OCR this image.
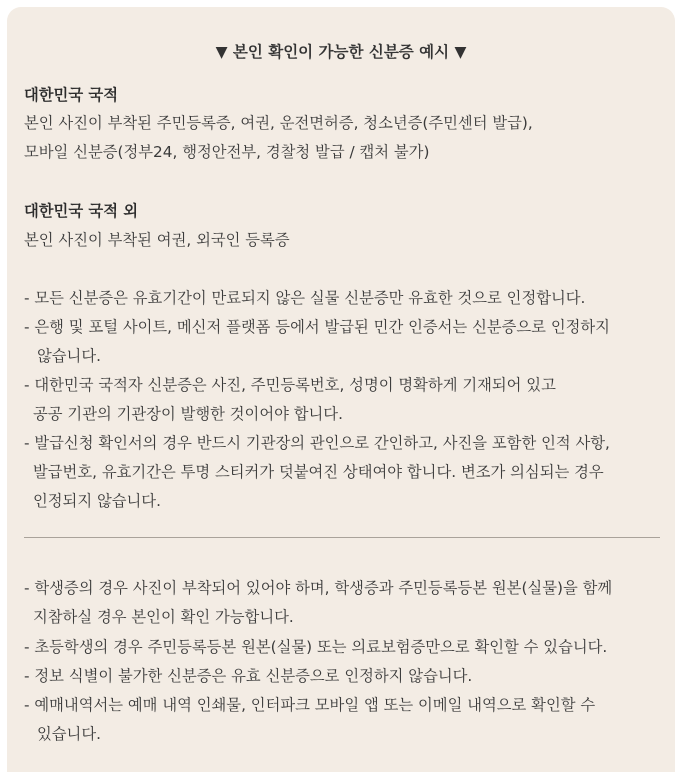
▼ 본인 확인이 가능한 신분증 예시 ▼
대한민국 국적
본인 사진이 부착된 주민등록증, 여권, 운전면허증, 청소년증(주민센터 발급),
모바일 신분증(정부24, 행정안전부, 경찰청 발급 / 캡처 불가)
대한민국 국적 외
본인 사진이 부착된 여권, 외국인 등록증
- 모든 신분증은 유효기간이 만료되지 않은 실물 신분증만 유효한 것으로 인정합니다.
- 은행 및 포털 사이트, 메신저 플랫폼 등에서 발급된 민간 인증서는 신분증으로 인정하지
않습니다.
- 대한민국 국적자 신분증은 사진, 주민등록번호, 성명이 명확하게 기재되어 있고
공공 기관의 기관장이 발행한 것이어야 합니다.
- 발급신청 확인서의 경우 반드시 기관장의 관인으로 간인하고, 사진을 포함한 인적 사항,
발급번호, 유효기간은 투명 스티커가 덧붙여진 상태여야 합니다. 변조가 의심되는 경우
인정되지 않습니다.
- 학생증의 경우 사진이 부착되어 있어야 하며, 학생증과 주민등록등본 원본(실물)을 함께
지참하실 경우 본인이 확인 가능합니다.
- 초등학생의 경우 주민등록등본 원본(실물) 또는 의료보험증만으로 확인할 수 있습니다.
- 정보 식별이 불가한 신분증은 유효 신분증으로 인정하지 않습니다.
- 예매내역서는 예매 내역 인쇄물, 인터파크 모바일 앱 또는 이메일 내역으로 확인할 수
있습니다.
